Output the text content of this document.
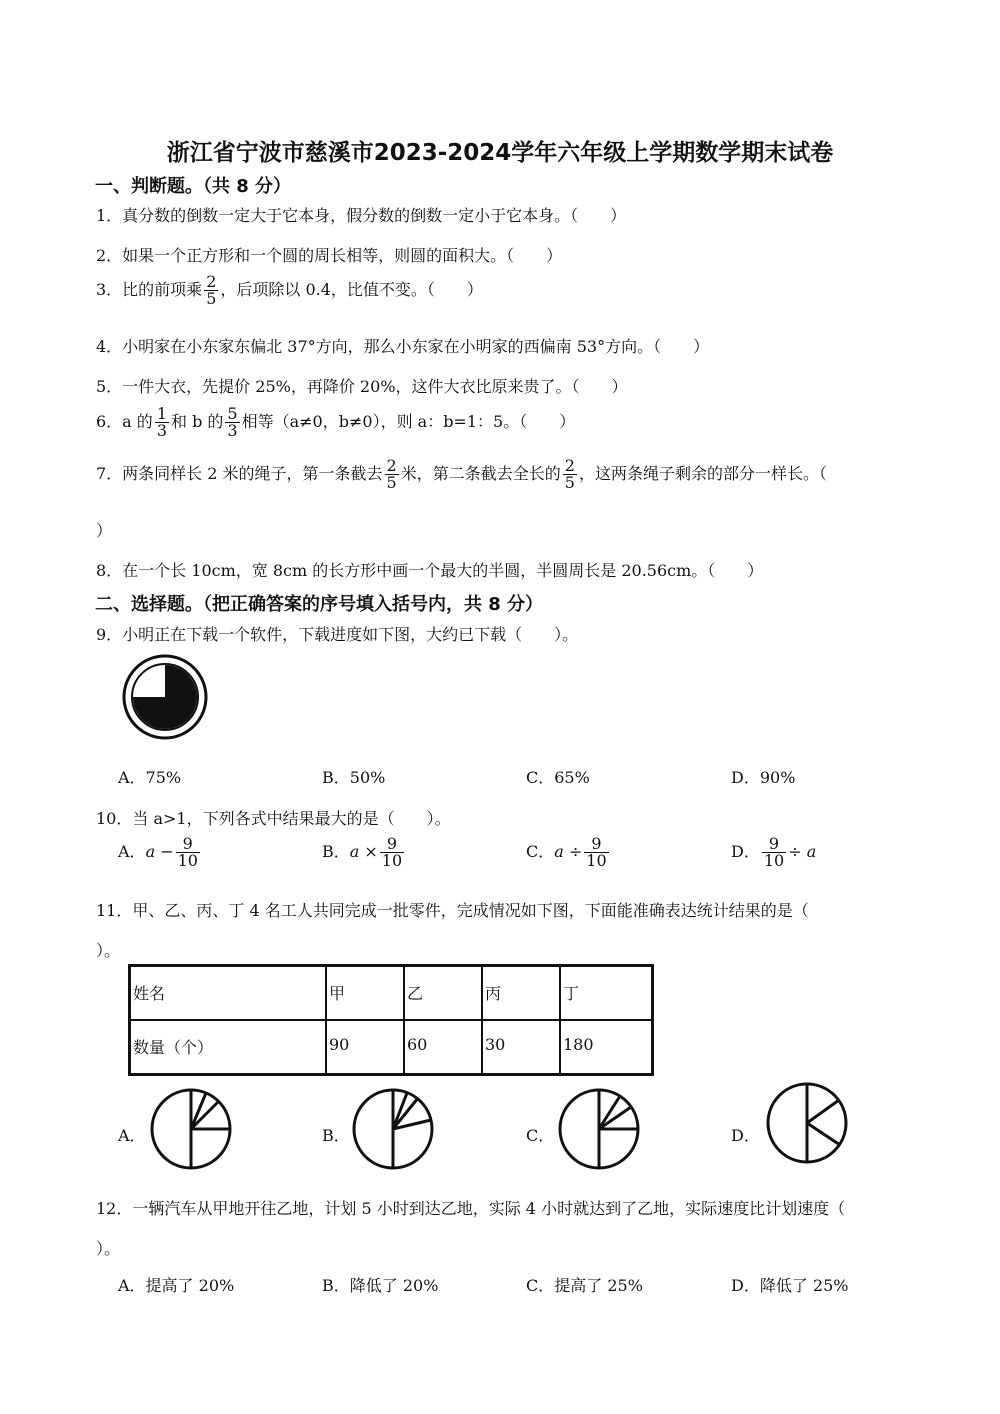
浙江省宁波市慈溪市2023-2024学年六年级上学期数学期末试卷
一、判断题。（共 8 分）
1．真分数的倒数一定大于它本身，假分数的倒数一定小于它本身。（　　）
2．如果一个正方形和一个圆的周长相等，则圆的面积大。（　　）
3．比的前项乘 $\frac{2}{5}$ ，后项除以 0.4，比值不变。（　　）
4．小明家在小东家东偏北 37°方向，那么小东家在小明家的西偏南 53°方向。（　　）
5．一件大衣，先提价 25%，再降价 20%，这件大衣比原来贵了。（　　）
6．a 的 $\frac{1}{3}$ 和 b 的 $\frac{5}{3}$ 相等（a≠0，b≠0），则 a：b=1：5。（　　）
7．两条同样长 2 米的绳子，第一条截去 $\frac{2}{5}$ 米，第二条截去全长的 $\frac{2}{5}$ ，这两条绳子剩余的部分一样长。（
）
8．在一个长 10cm，宽 8cm 的长方形中画一个最大的半圆，半圆周长是 20.56cm。（　　）
二、选择题。（把正确答案的序号填入括号内，共 8 分）
9．小明正在下载一个软件，下载进度如下图，大约已下载（　　）。
A．75%	B．50%	C．65%	D．90%
10．当 a>1，下列各式中结果最大的是（　　）。
A．$a - \frac{9}{10}$	B．$a \times \frac{9}{10}$	C．$a \div \frac{9}{10}$	D． $\frac{9}{10} \div a$
11．甲、乙、丙、丁 4 名工人共同完成一批零件，完成情况如下图，下面能准确表达统计结果的是（
）。
姓名	甲	乙	丙	丁
数量（个）	90	60	30	180
A．	B．	C．	D．
12．一辆汽车从甲地开往乙地，计划 5 小时到达乙地，实际 4 小时就达到了乙地，实际速度比计划速度（
）。
A．提高了 20%	B．降低了 20%	C．提高了 25%	D．降低了 25%
